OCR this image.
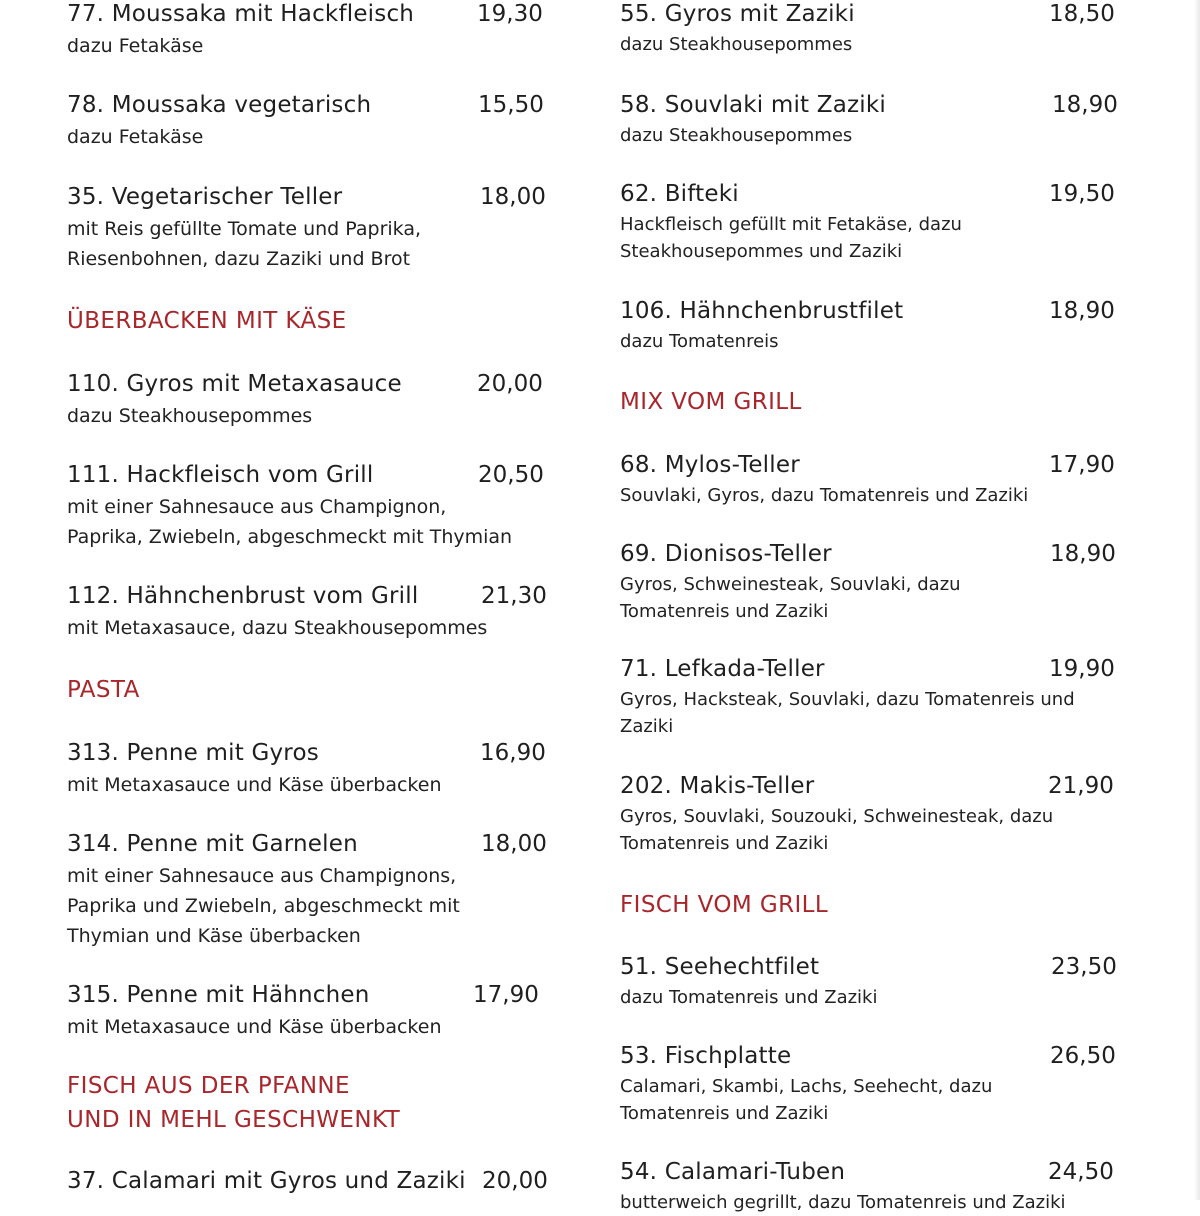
77. Moussaka mit Hackfleisch	19,30
dazu Fetakäse
78. Moussaka vegetarisch	15,50
dazu Fetakäse
35. Vegetarischer Teller	18,00
mit Reis gefüllte Tomate und Paprika,
Riesenbohnen, dazu Zaziki und Brot
ÜBERBACKEN MIT KÄSE
110. Gyros mit Metaxasauce	20,00
dazu Steakhousepommes
111. Hackfleisch vom Grill	20,50
mit einer Sahnesauce aus Champignon,
Paprika, Zwiebeln, abgeschmeckt mit Thymian
112. Hähnchenbrust vom Grill	21,30
mit Metaxasauce, dazu Steakhousepommes
PASTA
313. Penne mit Gyros	16,90
mit Metaxasauce und Käse überbacken
314. Penne mit Garnelen	18,00
mit einer Sahnesauce aus Champignons,
Paprika und Zwiebeln, abgeschmeckt mit
Thymian und Käse überbacken
315. Penne mit Hähnchen	17,90
mit Metaxasauce und Käse überbacken
FISCH AUS DER PFANNE
UND IN MEHL GESCHWENKT
37. Calamari mit Gyros und Zaziki 20,00
55. Gyros mit Zaziki	18,50
dazu Steakhousepommes
58. Souvlaki mit Zaziki	18,90
dazu Steakhousepommes
62. Bifteki	19,50
Hackfleisch gefüllt mit Fetakäse, dazu
Steakhousepommes und Zaziki
106. Hähnchenbrustfilet	18,90
dazu Tomatenreis
MIX VOM GRILL
68. Mylos-Teller	17,90
Souvlaki, Gyros, dazu Tomatenreis und Zaziki
69. Dionisos-Teller	18,90
Gyros, Schweinesteak, Souvlaki, dazu
Tomatenreis und Zaziki
71. Lefkada-Teller	19,90
Gyros, Hacksteak, Souvlaki, dazu Tomatenreis und
Zaziki
202. Makis-Teller	21,90
Gyros, Souvlaki, Souzouki, Schweinesteak, dazu
Tomatenreis und Zaziki
FISCH VOM GRILL
51. Seehechtfilet	23,50
dazu Tomatenreis und Zaziki
53. Fischplatte	26,50
Calamari, Skambi, Lachs, Seehecht, dazu
Tomatenreis und Zaziki
54. Calamari-Tuben	24,50
butterweich gegrillt, dazu Tomatenreis und Zaziki
